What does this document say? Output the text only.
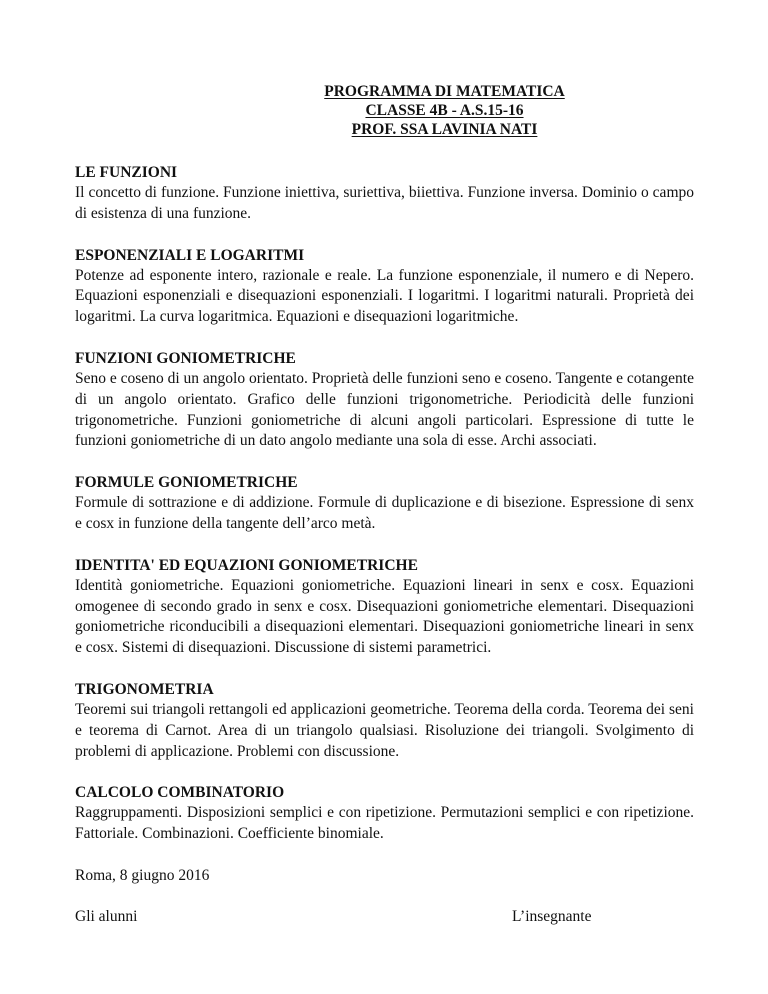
PROGRAMMA DI MATEMATICA
CLASSE 4B - A.S.15-16
PROF. SSA LAVINIA NATI

LE FUNZIONI

Il concetto di funzione. Funzione iniettiva, suriettiva, biiettiva. Funzione inversa. Dominio o campo di esistenza di una funzione.

ESPONENZIALI E LOGARITMI

Potenze ad esponente intero, razionale e reale. La funzione esponenziale, il numero e di Nepero. Equazioni esponenziali e disequazioni esponenziali. I logaritmi. I logaritmi naturali. Proprietà dei logaritmi. La curva logaritmica. Equazioni e disequazioni logaritmiche.

FUNZIONI GONIOMETRICHE

Seno e coseno di un angolo orientato. Proprietà delle funzioni seno e coseno. Tangente e cotangente di un angolo orientato. Grafico delle funzioni trigonometriche. Periodicità delle funzioni trigonometriche. Funzioni goniometriche di alcuni angoli particolari. Espressione di tutte le funzioni goniometriche di un dato angolo mediante una sola di esse. Archi associati.

FORMULE GONIOMETRICHE

Formule di sottrazione e di addizione. Formule di duplicazione e di bisezione. Espressione di senx e cosx in funzione della tangente dell’arco metà.

IDENTITA' ED EQUAZIONI GONIOMETRICHE

Identità goniometriche. Equazioni goniometriche. Equazioni lineari in senx e cosx. Equazioni omogenee di secondo grado in senx e cosx. Disequazioni goniometriche elementari. Disequazioni goniometriche riconducibili a disequazioni elementari. Disequazioni goniometriche lineari in senx e cosx. Sistemi di disequazioni. Discussione di sistemi parametrici.

TRIGONOMETRIA

Teoremi sui triangoli rettangoli ed applicazioni geometriche. Teorema della corda. Teorema dei seni e teorema di Carnot. Area di un triangolo qualsiasi. Risoluzione dei triangoli. Svolgimento di problemi di applicazione. Problemi con discussione.

CALCOLO COMBINATORIO

Raggruppamenti. Disposizioni semplici e con ripetizione. Permutazioni semplici e con ripetizione. Fattoriale. Combinazioni. Coefficiente binomiale.

Roma, 8 giugno 2016
Gli alunni	L’insegnante
